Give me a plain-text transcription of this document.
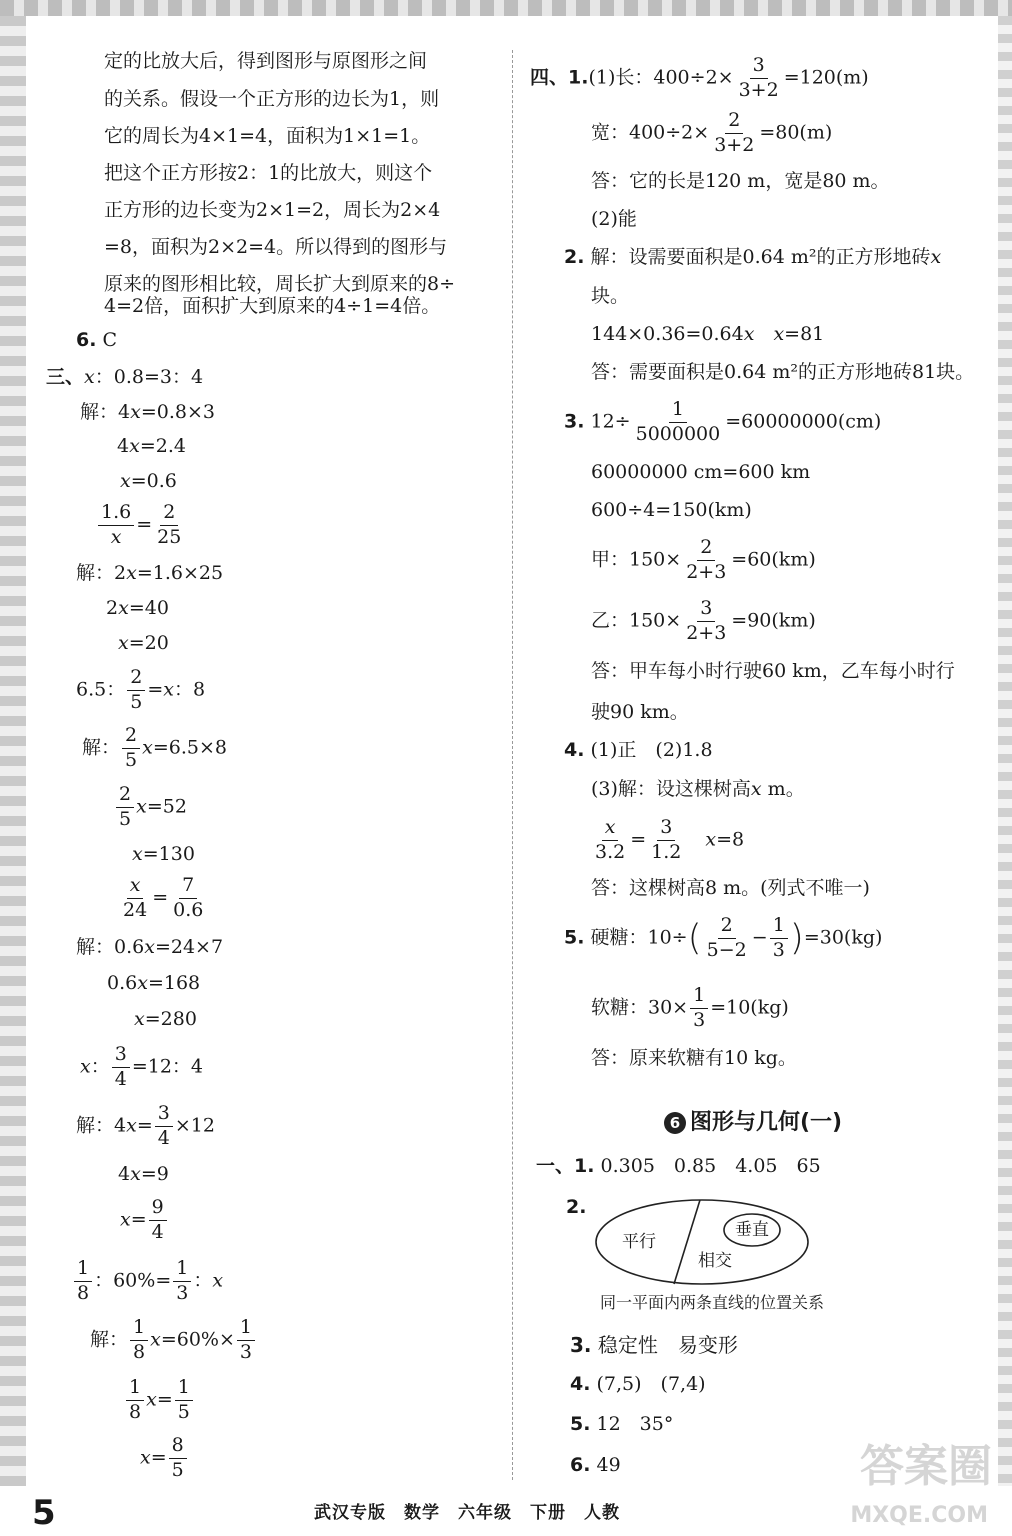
定的比放大后，得到图形与原图形之间
的关系。假设一个正方形的边长为1，则
它的周长为4×1=4，面积为1×1=1。
把这个正方形按2：1的比放大，则这个
正方形的边长变为2×1=2，周长为2×4
=8，面积为2×2=4。所以得到的图形与
原来的图形相比较，周长扩大到原来的8÷
4=2倍，面积扩大到原来的4÷1=4倍。
6. C
三、x：0.8=3：4
解：4x=0.8×3
4x=2.4
x=0.6
$\frac{1.6}{x} = \frac{2}{25}$
解：2x=1.6×25
2x=40
x=20
6.5： $\frac{2}{5} =x$：8
解： $\frac{2}{5} x=6.5\times 8$
$\frac{2}{5} x=52$
x=130
$\frac{x}{24} = \frac{7}{0.6}$
解：0.6x=24×7
0.6x=168
x=280
x： $\frac{3}{4} =12$：4
解：$4x= \frac{3}{4} \times 12$
4x=9
$x= \frac{9}{4}$
$\frac{1}{8}$ ：$60\%= \frac{1}{3}$ ：x
解： $\frac{1}{8} x=60\%\times \frac{1}{3}$
$\frac{1}{8} x= \frac{1}{5}$
$x= \frac{8}{5}$
四、1.(1)长：$400\div 2\times \frac{3}{3+2} =120(m)$
宽：$400\div 2\times \frac{2}{3+2} =80(m)$
答：它的长是120 m，宽是80 m。
(2)能
2. 解：设需要面积是0.64 m²的正方形地砖x
块。
144×0.36=0.64x　 x=81
答：需要面积是0.64 m²的正方形地砖81块。
3. $12\div \frac{1}{5000000} =60000000(cm)$
60000000 cm=600 km
600÷4=150(km)
甲：$150\times \frac{2}{2+3} =60(km)$
乙：$150\times \frac{3}{2+3} =90(km)$
答：甲车每小时行驶60 km，乙车每小时行
驶90 km。
4. (1)正　(2)1.8
(3)解：设这棵树高x m。
$\frac{x}{3.2} = \frac{3}{1.2}$
　 x=8
答：这棵树高8 m。(列式不唯一)
5. 硬糖：$10\div( \frac{2}{5-2} - \frac{1}{3} )=30(kg)$
软糖：$30\times \frac{1}{3} =10(kg)$
答：原来软糖有10 kg。
6 图形与几何(一)
一、1. 0.305　0.85　4.05　65
2.
平行
相交
垂直
同一平面内两条直线的位置关系
3. 稳定性　易变形
4. (7,5)　(7,4)
5. 12　35°
6. 49	答案圈
MXQE.COM
5	武汉专版　数学　六年级　下册　人教
